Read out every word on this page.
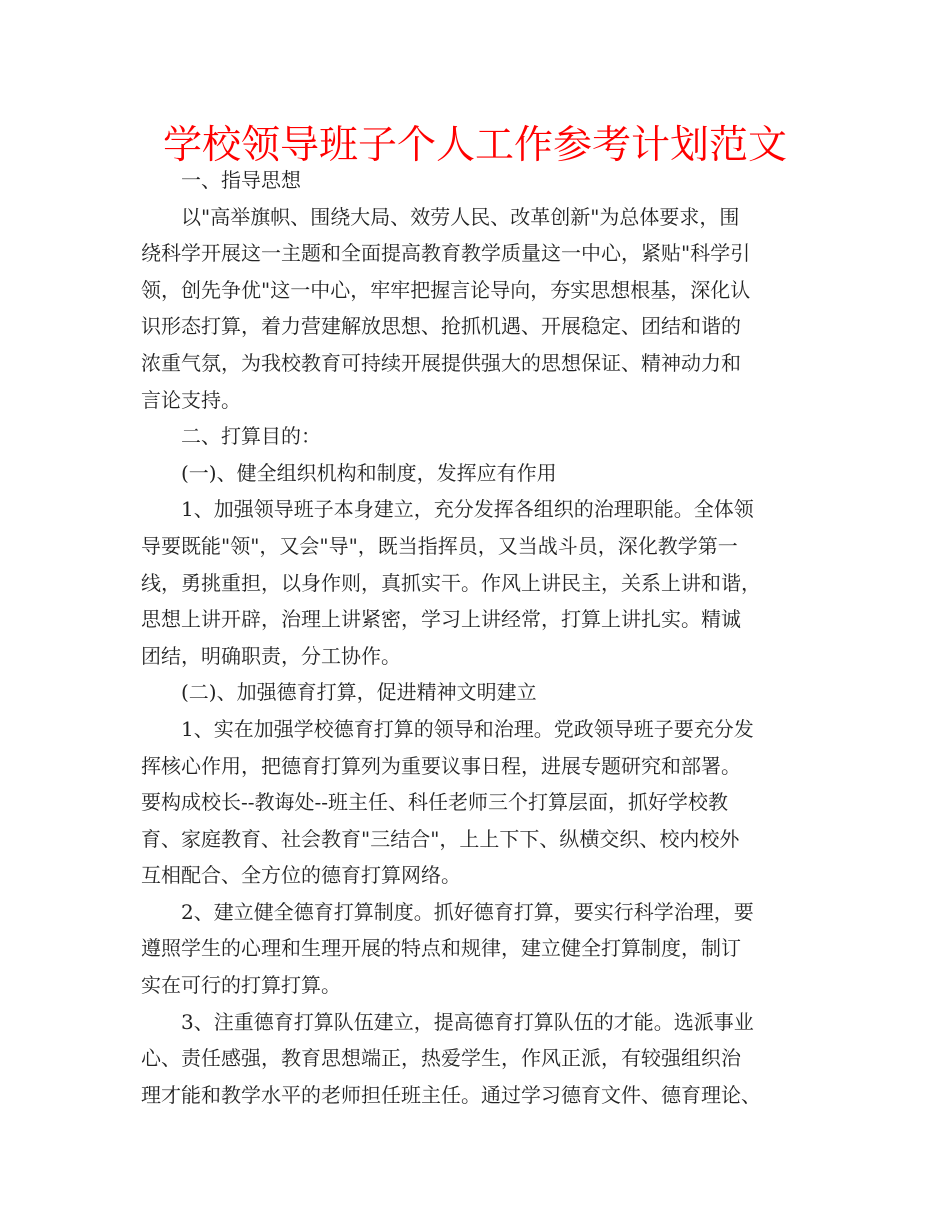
学校领导班子个人工作参考计划范文

一、指导思想

以"高举旗帜、围绕大局、效劳人民、改革创新"为总体要求，围
绕科学开展这一主题和全面提高教育教学质量这一中心，紧贴"科学引
领，创先争优"这一中心，牢牢把握言论导向，夯实思想根基，深化认
识形态打算，着力营建解放思想、抢抓机遇、开展稳定、团结和谐的
浓重气氛，为我校教育可持续开展提供强大的思想保证、精神动力和
言论支持。

二、打算目的：

(一)、健全组织机构和制度，发挥应有作用

1、加强领导班子本身建立，充分发挥各组织的治理职能。全体领
导要既能"领"，又会"导"，既当指挥员，又当战斗员，深化教学第一
线，勇挑重担，以身作则，真抓实干。作风上讲民主，关系上讲和谐，
思想上讲开辟，治理上讲紧密，学习上讲经常，打算上讲扎实。精诚
团结，明确职责，分工协作。

(二)、加强德育打算，促进精神文明建立

1、实在加强学校德育打算的领导和治理。党政领导班子要充分发
挥核心作用，把德育打算列为重要议事日程，进展专题研究和部署。
要构成校长--教诲处--班主任、科任老师三个打算层面，抓好学校教
育、家庭教育、社会教育"三结合"，上上下下、纵横交织、校内校外
互相配合、全方位的德育打算网络。

2、建立健全德育打算制度。抓好德育打算，要实行科学治理，要
遵照学生的心理和生理开展的特点和规律，建立健全打算制度，制订
实在可行的打算打算。

3、注重德育打算队伍建立，提高德育打算队伍的才能。选派事业
心、责任感强，教育思想端正，热爱学生，作风正派，有较强组织治
理才能和教学水平的老师担任班主任。通过学习德育文件、德育理论、
